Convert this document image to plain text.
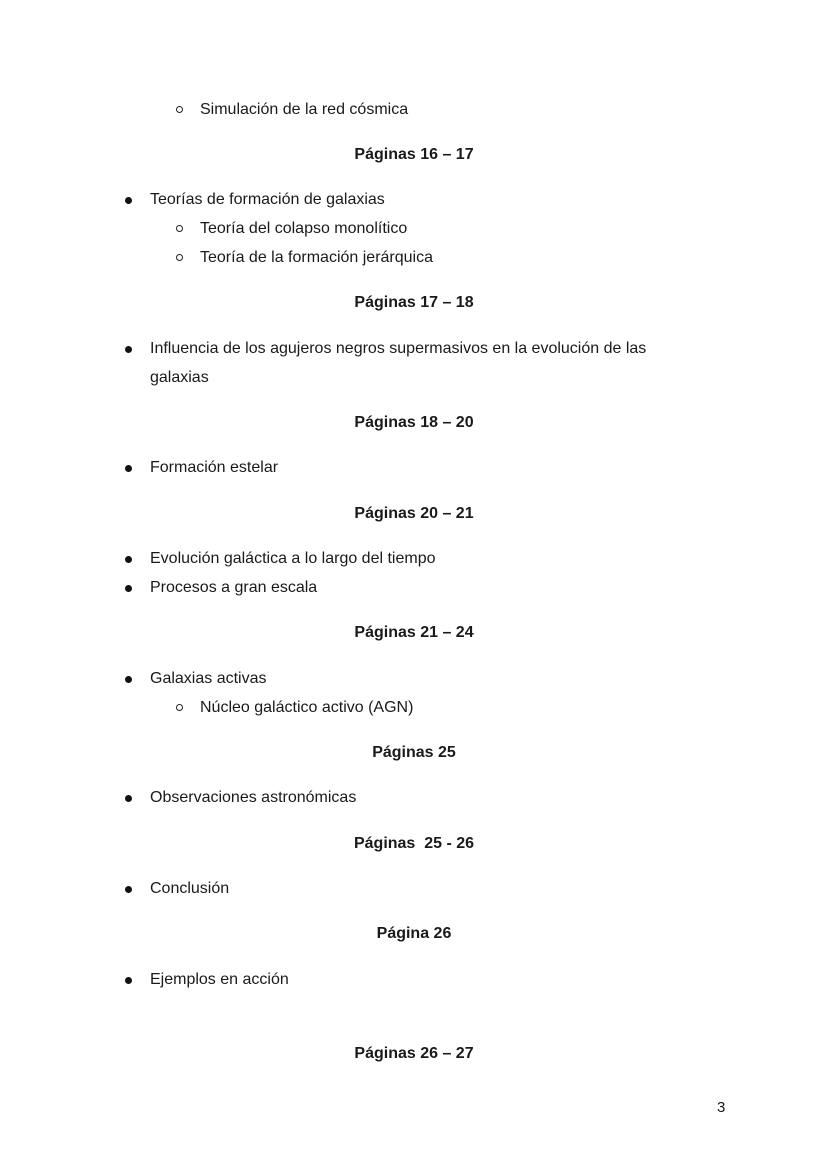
Simulación de la red cósmica
Páginas 16 – 17
Teorías de formación de galaxias
Teoría del colapso monolítico
Teoría de la formación jerárquica
Páginas 17 – 18
Influencia de los agujeros negros supermasivos en la evolución de las
galaxias
Páginas 18 – 20
Formación estelar
Páginas 20 – 21
Evolución galáctica a lo largo del tiempo
Procesos a gran escala
Páginas 21 – 24
Galaxias activas
Núcleo galáctico activo (AGN)
Páginas 25
Observaciones astronómicas
Páginas  25 - 26
Conclusión
Página 26
Ejemplos en acción
Páginas 26 – 27
3
